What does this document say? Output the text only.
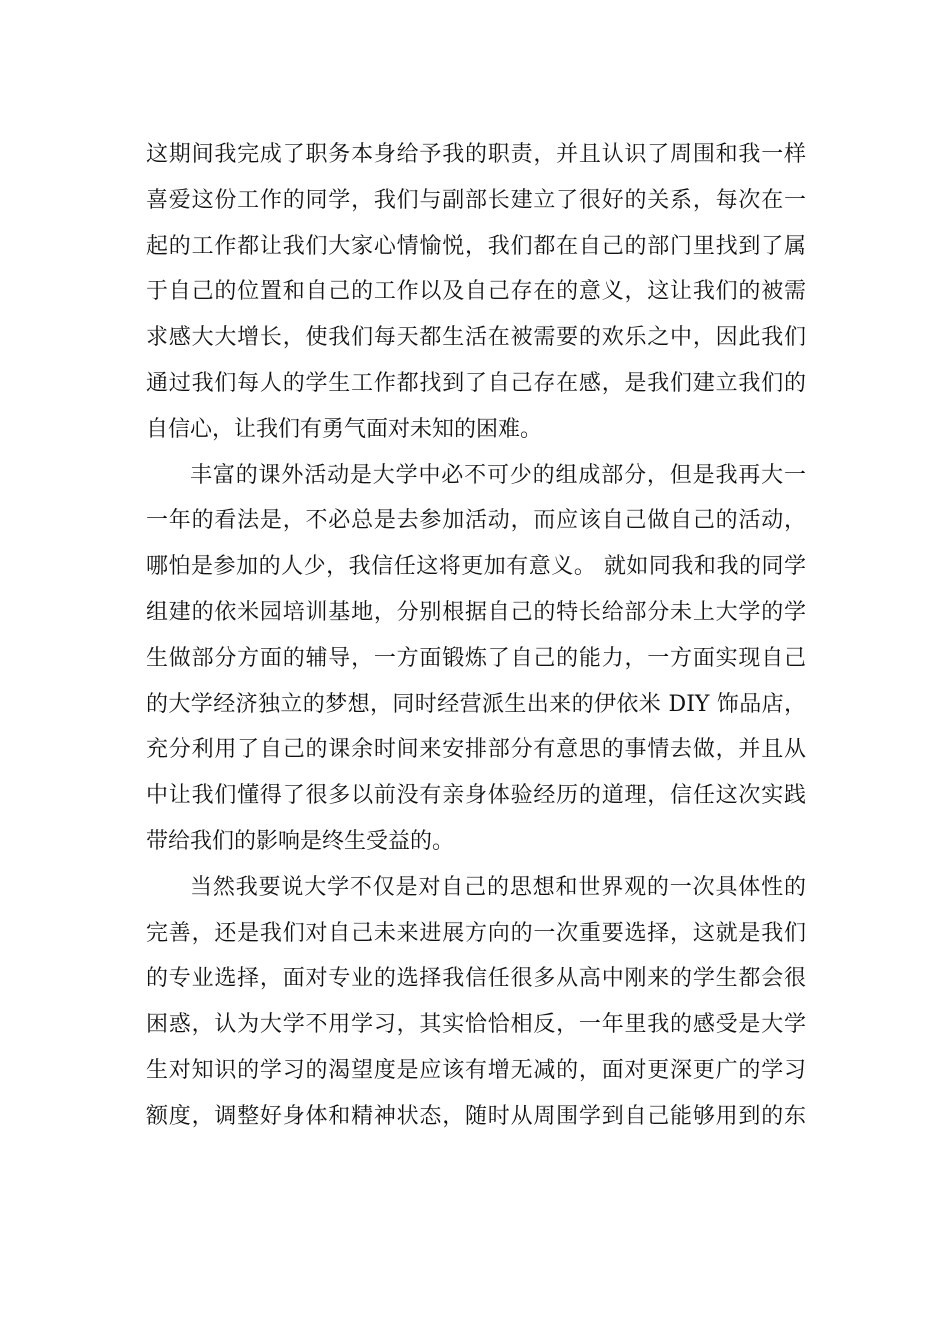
这期间我完成了职务本身给予我的职责，并且认识了周围和我一样
喜爱这份工作的同学，我们与副部长建立了很好的关系，每次在一
起的工作都让我们大家心情愉悦，我们都在自己的部门里找到了属
于自己的位置和自己的工作以及自己存在的意义，这让我们的被需
求感大大增长，使我们每天都生活在被需要的欢乐之中，因此我们
通过我们每人的学生工作都找到了自己存在感，是我们建立我们的
自信心，让我们有勇气面对未知的困难。
丰富的课外活动是大学中必不可少的组成部分，但是我再大一
一年的看法是，不必总是去参加活动，而应该自己做自己的活动，
哪怕是参加的人少，我信任这将更加有意义。 就如同我和我的同学
组建的依米园培训基地，分别根据自己的特长给部分未上大学的学
生做部分方面的辅导，一方面锻炼了自己的能力，一方面实现自己
的大学经济独立的梦想，同时经营派生出来的伊依米 DIY 饰品店，
充分利用了自己的课余时间来安排部分有意思的事情去做，并且从
中让我们懂得了很多以前没有亲身体验经历的道理，信任这次实践
带给我们的影响是终生受益的。
当然我要说大学不仅是对自己的思想和世界观的一次具体性的
完善，还是我们对自己未来进展方向的一次重要选择，这就是我们
的专业选择，面对专业的选择我信任很多从高中刚来的学生都会很
困惑，认为大学不用学习，其实恰恰相反，一年里我的感受是大学
生对知识的学习的渴望度是应该有增无减的，面对更深更广的学习
额度，调整好身体和精神状态，随时从周围学到自己能够用到的东
